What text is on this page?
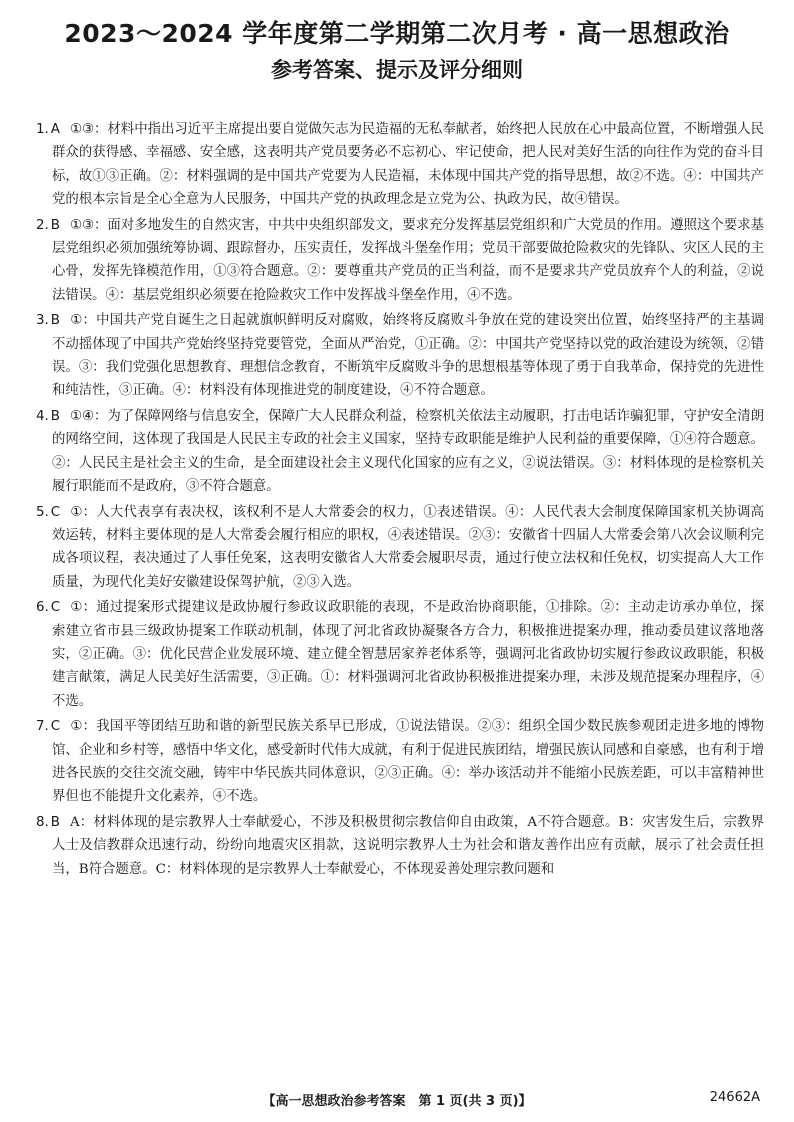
2023～2024 学年度第二学期第二次月考 · 高一思想政治
参考答案、提示及评分细则

1. A ①③：材料中指出习近平主席提出要自觉做矢志为民造福的无私奉献者，始终把人民放在心中最高位置，不断增强人民群众的获得感、幸福感、安全感，这表明共产党员要务必不忘初心、牢记使命，把人民对美好生活的向往作为党的奋斗目标，故①③正确。②：材料强调的是中国共产党要为人民造福，未体现中国共产党的指导思想，故②不选。④：中国共产党的根本宗旨是全心全意为人民服务，中国共产党的执政理念是立党为公、执政为民，故④错误。

2. B ①③：面对多地发生的自然灾害，中共中央组织部发文，要求充分发挥基层党组织和广大党员的作用。遵照这个要求基层党组织必须加强统筹协调、跟踪督办，压实责任，发挥战斗堡垒作用；党员干部要做抢险救灾的先锋队、灾区人民的主心骨，发挥先锋模范作用，①③符合题意。②：要尊重共产党员的正当利益，而不是要求共产党员放弃个人的利益，②说法错误。④：基层党组织必须要在抢险救灾工作中发挥战斗堡垒作用，④不选。

3. B ①：中国共产党自诞生之日起就旗帜鲜明反对腐败，始终将反腐败斗争放在党的建设突出位置，始终坚持严的主基调不动摇体现了中国共产党始终坚持党要管党，全面从严治党，①正确。②：中国共产党坚持以党的政治建设为统领，②错误。③：我们党强化思想教育、理想信念教育，不断筑牢反腐败斗争的思想根基等体现了勇于自我革命，保持党的先进性和纯洁性，③正确。④：材料没有体现推进党的制度建设，④不符合题意。

4. B ①④：为了保障网络与信息安全，保障广大人民群众利益，检察机关依法主动履职，打击电话诈骗犯罪，守护安全清朗的网络空间，这体现了我国是人民民主专政的社会主义国家，坚持专政职能是维护人民利益的重要保障，①④符合题意。②：人民民主是社会主义的生命，是全面建设社会主义现代化国家的应有之义，②说法错误。③：材料体现的是检察机关履行职能而不是政府，③不符合题意。

5. C ①：人大代表享有表决权，该权利不是人大常委会的权力，①表述错误。④：人民代表大会制度保障国家机关协调高效运转，材料主要体现的是人大常委会履行相应的职权，④表述错误。②③：安徽省十四届人大常委会第八次会议顺利完成各项议程，表决通过了人事任免案，这表明安徽省人大常委会履职尽责，通过行使立法权和任免权，切实提高人大工作质量，为现代化美好安徽建设保驾护航，②③入选。

6. C ①：通过提案形式提建议是政协履行参政议政职能的表现，不是政治协商职能，①排除。②：主动走访承办单位，探索建立省市县三级政协提案工作联动机制，体现了河北省政协凝聚各方合力，积极推进提案办理，推动委员建议落地落实，②正确。③：优化民营企业发展环境、建立健全智慧居家养老体系等，强调河北省政协切实履行参政议政职能，积极建言献策，满足人民美好生活需要，③正确。①：材料强调河北省政协积极推进提案办理，未涉及规范提案办理程序，④不选。

7. C ①：我国平等团结互助和谐的新型民族关系早已形成，①说法错误。②③：组织全国少数民族参观团走进多地的博物馆、企业和乡村等，感悟中华文化，感受新时代伟大成就，有利于促进民族团结，增强民族认同感和自豪感，也有利于增进各民族的交往交流交融，铸牢中华民族共同体意识，②③正确。④：举办该活动并不能缩小民族差距，可以丰富精神世界但也不能提升文化素养，④不选。

8. B A：材料体现的是宗教界人士奉献爱心，不涉及积极贯彻宗教信仰自由政策，A不符合题意。B：灾害发生后，宗教界人士及信教群众迅速行动，纷纷向地震灾区捐款，这说明宗教界人士为社会和谐友善作出应有贡献，展示了社会责任担当，B符合题意。C：材料体现的是宗教界人士奉献爱心，不体现妥善处理宗教问题和

【高一思想政治参考答案　第 1 页(共 3 页)】	24662A
